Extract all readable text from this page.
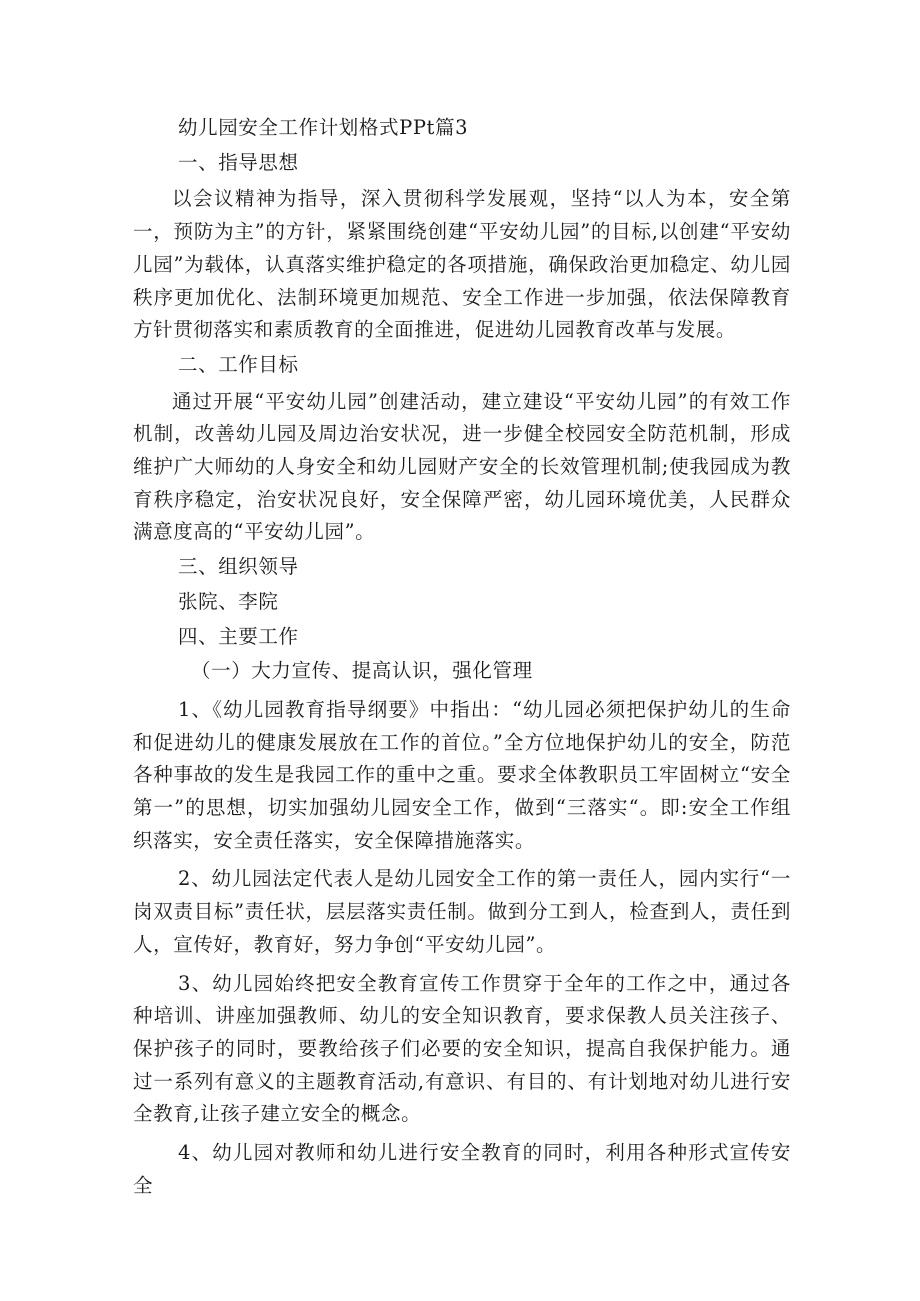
幼儿园安全工作计划格式PPt篇3

一、指导思想

以会议精神为指导，深入贯彻科学发展观，坚持“以人为本，安全第一，预防为主”的方针，紧紧围绕创建“平安幼儿园”的目标,以创建“平安幼儿园”为载体，认真落实维护稳定的各项措施，确保政治更加稳定、幼儿园秩序更加优化、法制环境更加规范、安全工作进一步加强，依法保障教育方针贯彻落实和素质教育的全面推进，促进幼儿园教育改革与发展。

二、工作目标

通过开展“平安幼儿园”创建活动，建立建设“平安幼儿园”的有效工作机制，改善幼儿园及周边治安状况，进一步健全校园安全防范机制，形成维护广大师幼的人身安全和幼儿园财产安全的长效管理机制;使我园成为教育秩序稳定，治安状况良好，安全保障严密，幼儿园环境优美，人民群众满意度高的“平安幼儿园”。

三、组织领导

张院、李院

四、主要工作

（一）大力宣传、提高认识，强化管理

1、《幼儿园教育指导纲要》中指出：“幼儿园必须把保护幼儿的生命和促进幼儿的健康发展放在工作的首位。”全方位地保护幼儿的安全，防范各种事故的发生是我园工作的重中之重。要求全体教职员工牢固树立“安全第一”的思想，切实加强幼儿园安全工作，做到“三落实“。即:安全工作组织落实，安全责任落实，安全保障措施落实。

2、幼儿园法定代表人是幼儿园安全工作的第一责任人，园内实行“一岗双责目标”责任状，层层落实责任制。做到分工到人，检查到人，责任到人，宣传好，教育好，努力争创“平安幼儿园”。

3、幼儿园始终把安全教育宣传工作贯穿于全年的工作之中，通过各种培训、讲座加强教师、幼儿的安全知识教育，要求保教人员关注孩子、保护孩子的同时，要教给孩子们必要的安全知识，提高自我保护能力。通过一系列有意义的主题教育活动,有意识、有目的、有计划地对幼儿进行安全教育,让孩子建立安全的概念。

4、幼儿园对教师和幼儿进行安全教育的同时，利用各种形式宣传安全
